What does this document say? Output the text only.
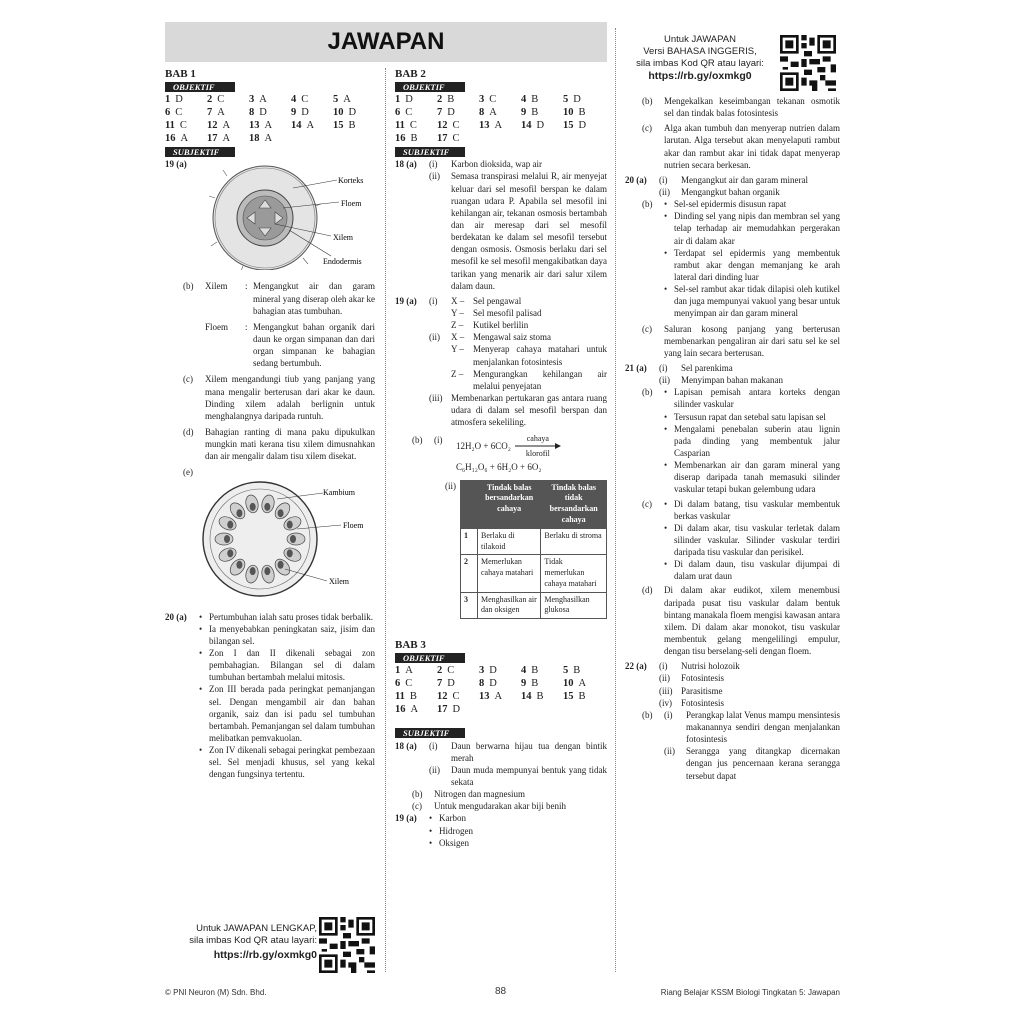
JAWAPAN	Untuk JAWAPAN
Versi BAHASA INGGERIS,
sila imbas Kod QR atau layari:
https://rb.gy/oxmkg0
BAB 1
OBJEKTIF
1 D	2 C	3 A	4 C	5 A
6 C	7 A	8 D	9 D	10 D
11 C	12 A	13 A	14 A	15 B
16 A	17 A	18 A
SUBJEKTIF
19 (a)
Korteks
Floem
Xilem
Endodermis
(b)	Xilem	: Mengangkut air dan garam mineral yang diserap oleh akar ke bahagian atas tumbuhan.
Floem	: Mengangkut bahan organik dari daun ke organ simpanan dan dari organ simpanan ke bahagian sedang bertumbuh.
(c)	Xilem mengandungi tiub yang panjang yang mana mengalir berterusan dari akar ke daun. Dinding xilem adalah berlignin untuk menghalangnya daripada runtuh.
(d)	Bahagian ranting di mana paku dipukulkan mungkin mati kerana tisu xilem dimusnahkan dan air mengalir dalam tisu xilem disekat.
(e)
Kambium
Floem
Xilem
20 (a)	• Pertumbuhan ialah satu proses tidak berbalik.
• Ia menyebabkan peningkatan saiz, jisim dan bilangan sel.
• Zon I dan II dikenali sebagai zon pembahagian. Bilangan sel di dalam tumbuhan bertambah melalui mitosis.
• Zon III berada pada peringkat pemanjangan sel. Dengan mengambil air dan bahan organik, saiz dan isi padu sel tumbuhan bertambah. Pemanjangan sel dalam tumbuhan melibatkan pemvakuolan.
• Zon IV dikenali sebagai peringkat pembezaan sel. Sel menjadi khusus, sel yang kekal dengan fungsinya tertentu.
Untuk JAWAPAN LENGKAP,
sila imbas Kod QR atau layari:
https://rb.gy/oxmkg0
BAB 2
OBJEKTIF
1 D	2 B	3 C	4 B	5 D
6 C	7 D	8 A	9 B	10 B
11 C	12 C	13 A	14 D	15 D
16 B	17 C
SUBJEKTIF
18 (a)	(i)	Karbon dioksida, wap air
(ii)	Semasa transpirasi melalui R, air menyejat keluar dari sel mesofil berspan ke dalam ruangan udara P. Apabila sel mesofil ini kehilangan air, tekanan osmosis bertambah dan air meresap dari sel mesofil berdekatan ke dalam sel mesofil tersebut dengan osmosis. Osmosis berlaku dari sel mesofil ke sel mesofil mengakibatkan daya tarikan yang menarik air dari salur xilem dalam daun.
19 (a)	(i)	X – Sel pengawal
Y –	Sel mesofil palisad
Z –	Kutikel berlilin
(ii)	X – Mengawal saiz stoma
Y –	Menyerap cahaya matahari untuk menjalankan fotosintesis
Z –	Mengurangkan kehilangan air melalui penyejatan
(iii) Membenarkan pertukaran gas antara ruang udara di dalam sel mesofil berspan dan atmosfera sekeliling.
(b)	(i)
12H₂O + 6CO₂
cahaya
klorofil
C₆H₁₂O₆ + 6H₂O + 6O₂
(ii)
		Tindak balas bersandarkan cahaya	Tindak balas tidak bersandarkan cahaya
1	Berlaku di tilakoid	Berlaku di stroma
2	Memerlukan cahaya matahari	Tidak memerlukan cahaya matahari
3	Menghasilkan air dan oksigen	Menghasilkan glukosa
BAB 3
OBJEKTIF
1 A	2 C	3 D	4 B	5 B
6 C	7 D	8 D	9 B	10 A
11 B	12 C	13 A	14 B	15 B
16 A	17 D
SUBJEKTIF
18 (a)	(i)	Daun berwarna hijau tua dengan bintik merah
(ii)	Daun muda mempunyai bentuk yang tidak sekata
(b)	Nitrogen dan magnesium
(c)	Untuk mengudarakan akar biji benih
19 (a)	• Karbon
• Hidrogen
• Oksigen
(b)	Mengekalkan keseimbangan tekanan osmotik sel dan tindak balas fotosintesis
(c)	Alga akan tumbuh dan menyerap nutrien dalam larutan. Alga tersebut akan menyelaputi rambut akar dan rambut akar ini tidak dapat menyerap nutrien secara berkesan.
20 (a)	(i)	Mengangkut air dan garam mineral
(ii)	Mengangkut bahan organik
(b)	• Sel-sel epidermis disusun rapat
• Dinding sel yang nipis dan membran sel yang telap terhadap air memudahkan pergerakan air di dalam akar
• Terdapat sel epidermis yang membentuk rambut akar dengan memanjang ke arah lateral dari dinding luar
• Sel-sel rambut akar tidak dilapisi oleh kutikel dan juga mempunyai vakuol yang besar untuk menyimpan air dan garam mineral
(c)	Saluran kosong panjang yang berterusan membenarkan pengaliran air dari satu sel ke sel yang lain secara berterusan.
21 (a)	(i)	Sel parenkima
(ii)	Menyimpan bahan makanan
(b)	• Lapisan pemisah antara korteks dengan silinder vaskular
• Tersusun rapat dan setebal satu lapisan sel
• Mengalami penebalan suberin atau lignin pada dinding yang membentuk jalur Casparian
• Membenarkan air dan garam mineral yang diserap daripada tanah memasuki silinder vaskular tetapi bukan gelembung udara
(c)	• Di dalam batang, tisu vaskular membentuk berkas vaskular
• Di dalam akar, tisu vaskular terletak dalam silinder vaskular. Silinder vaskular terdiri daripada tisu vaskular dan perisikel.
• Di dalam daun, tisu vaskular dijumpai di dalam urat daun
(d)	Di dalam akar eudikot, xilem menembusi daripada pusat tisu vaskular dalam bentuk bintang manakala floem mengisi kawasan antara xilem. Di dalam akar monokot, tisu vaskular membentuk gelang mengelilingi empulur, dengan tisu berselang-seli dengan floem.
22 (a)	(i)	Nutrisi holozoik
(ii)	Fotosintesis
(iii) Parasitisme
(iv)	Fotosintesis
(b)	(i)	Perangkap lalat Venus mampu mensintesis makanannya sendiri dengan menjalankan fotosintesis
(ii)	Serangga yang ditangkap dicernakan dengan jus pencernaan kerana serangga tersebut dapat
© PNI Neuron (M) Sdn. Bhd.	88	Riang Belajar KSSM Biologi Tingkatan 5: Jawapan
